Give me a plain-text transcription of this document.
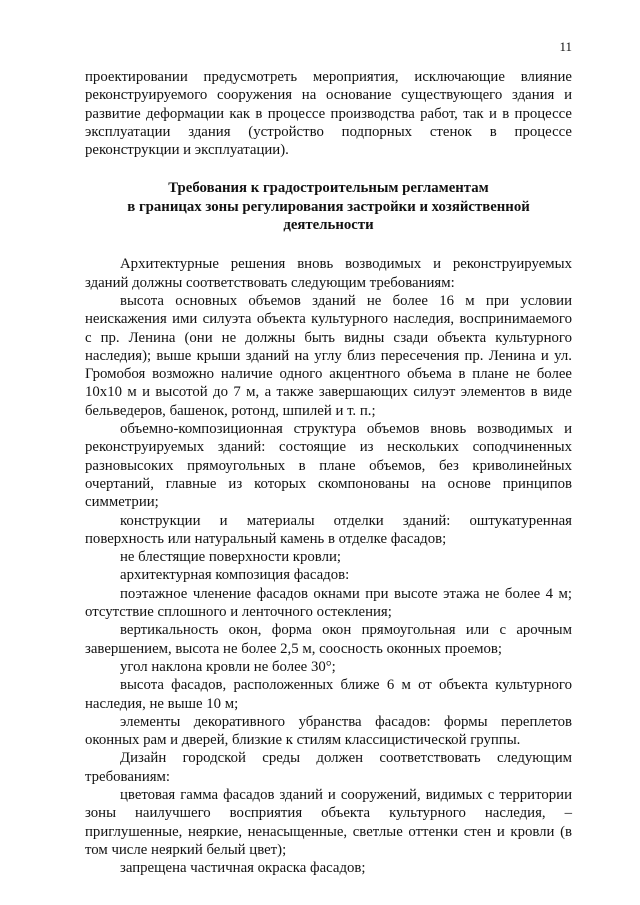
11

проектировании предусмотреть мероприятия, исключающие влияние реконструируемого сооружения на основание существующего здания и развитие деформации как в процессе производства работ, так и в процессе эксплуатации здания (устройство подпорных стенок в процессе реконструкции и эксплуатации).

Требования к градостроительным регламентам

в границах зоны регулирования застройки и хозяйственной

деятельности

Архитектурные решения вновь возводимых и реконструируемых зданий должны соответствовать следующим требованиям:

высота основных объемов зданий не более 16 м при условии неискажения ими силуэта объекта культурного наследия, воспринимаемого с пр. Ленина (они не должны быть видны сзади объекта культурного наследия); выше крыши зданий на углу близ пересечения пр. Ленина и ул. Громобоя возможно наличие одного акцентного объема в плане не более 10х10 м и высотой до 7 м, а также завершающих силуэт элементов в виде бельведеров, башенок, ротонд, шпилей и т. п.;

объемно-композиционная структура объемов вновь возводимых и реконструируемых зданий: состоящие из нескольких соподчиненных разновысоких прямоугольных в плане объемов, без криволинейных очертаний, главные из которых скомпонованы на основе принципов симметрии;

конструкции и материалы отделки зданий: оштукатуренная поверхность или натуральный камень в отделке фасадов;

не блестящие поверхности кровли;

архитектурная композиция фасадов:

поэтажное членение фасадов окнами при высоте этажа не более 4 м; отсутствие сплошного и ленточного остекления;

вертикальность окон, форма окон прямоугольная или с арочным завершением, высота не более 2,5 м, соосность оконных проемов;

угол наклона кровли не более 30°;

высота фасадов, расположенных ближе 6 м от объекта культурного наследия, не выше 10 м;

элементы декоративного убранства фасадов: формы переплетов оконных рам и дверей, близкие к стилям классицистической группы.

Дизайн городской среды должен соответствовать следующим требованиям:

цветовая гамма фасадов зданий и сооружений, видимых с территории зоны наилучшего восприятия объекта культурного наследия, – приглушенные, неяркие, ненасыщенные, светлые оттенки стен и кровли (в том числе неяркий белый цвет);

запрещена частичная окраска фасадов;
